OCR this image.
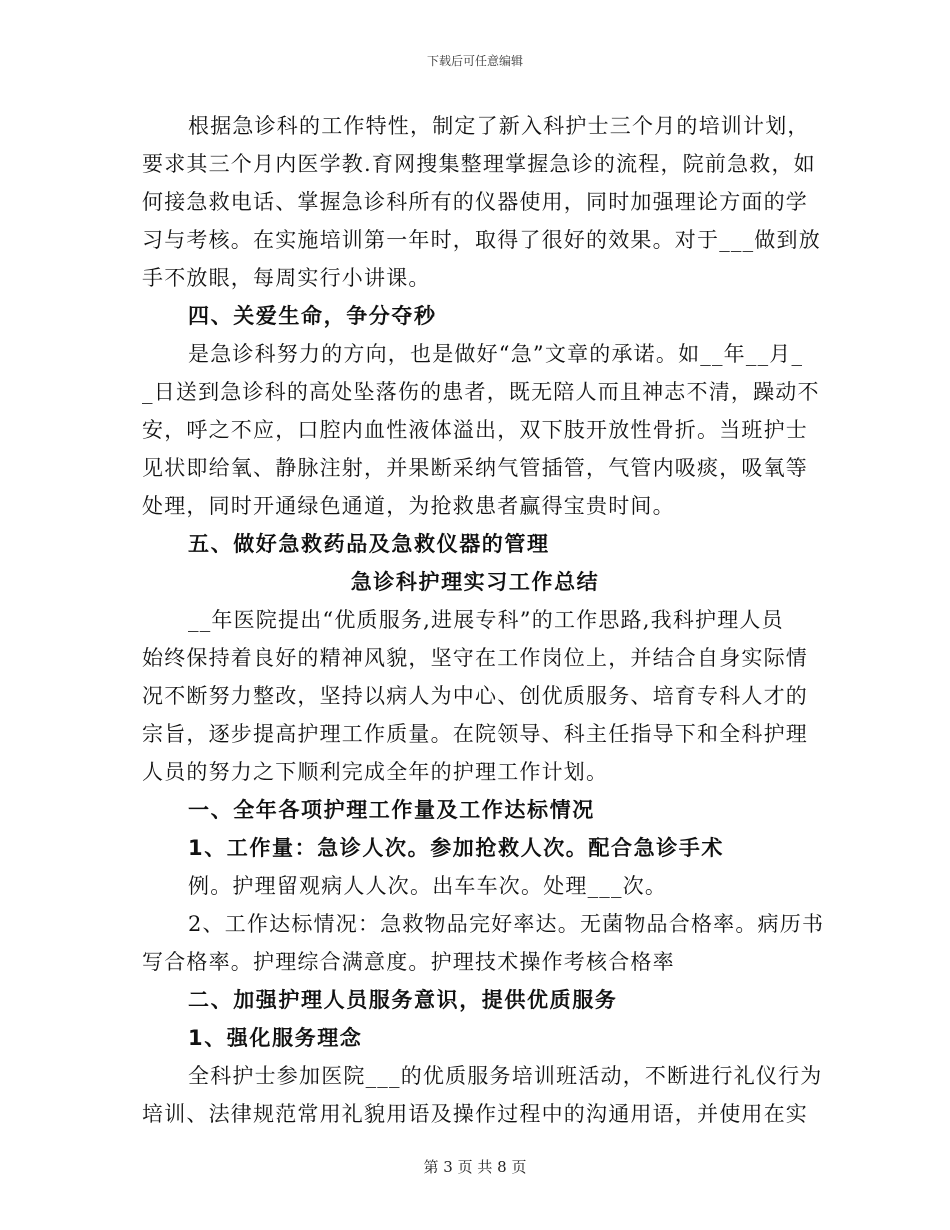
下载后可任意编辑
根据急诊科的工作特性，制定了新入科护士三个月的培训计划，
要求其三个月内医学教.育网搜集整理掌握急诊的流程，院前急救，如
何接急救电话、掌握急诊科所有的仪器使用，同时加强理论方面的学
习与考核。在实施培训第一年时，取得了很好的效果。对于___做到放
手不放眼，每周实行小讲课。
四、关爱生命，争分夺秒
是急诊科努力的方向，也是做好“急”文章的承诺。如__年__月_
_日送到急诊科的高处坠落伤的患者，既无陪人而且神志不清，躁动不
安，呼之不应，口腔内血性液体溢出，双下肢开放性骨折。当班护士
见状即给氧、静脉注射，并果断采纳气管插管，气管内吸痰，吸氧等
处理，同时开通绿色通道，为抢救患者赢得宝贵时间。
五、做好急救药品及急救仪器的管理
急诊科护理实习工作总结
__年医院提出“优质服务,进展专科”的工作思路,我科护理人员
始终保持着良好的精神风貌，坚守在工作岗位上，并结合自身实际情
况不断努力整改，坚持以病人为中心、创优质服务、培育专科人才的
宗旨，逐步提高护理工作质量。在院领导、科主任指导下和全科护理
人员的努力之下顺利完成全年的护理工作计划。
一、全年各项护理工作量及工作达标情况
1、工作量：急诊人次。参加抢救人次。配合急诊手术
例。护理留观病人人次。出车车次。处理___次。
2、工作达标情况：急救物品完好率达。无菌物品合格率。病历书
写合格率。护理综合满意度。护理技术操作考核合格率
二、加强护理人员服务意识，提供优质服务
1、强化服务理念
全科护士参加医院___的优质服务培训班活动，不断进行礼仪行为
培训、法律规范常用礼貌用语及操作过程中的沟通用语，并使用在实
第 3 页 共 8 页
